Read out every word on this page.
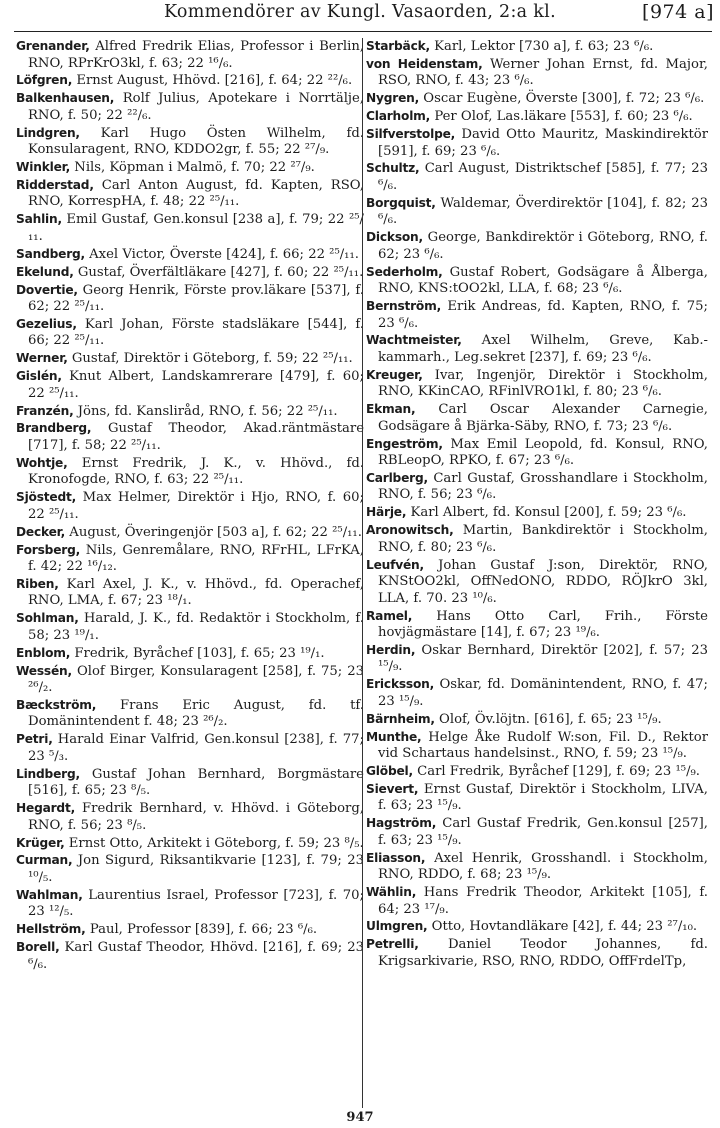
Kommendörer av Kungl. Vasaorden, 2:a kl.	[974 a]
Grenander, Alfred Fredrik Elias, Professor i Berlin, RNO, RPrKrO3kl, f. 63; 22 ¹⁶/₆.
Löfgren, Ernst August, Hhövd. [216], f. 64; 22 ²²/₆.
Balkenhausen, Rolf Julius, Apotekare i Norrtälje, RNO, f. 50; 22 ²²/₆.
Lindgren, Karl Hugo Östen Wilhelm, fd. Konsularagent, RNO, KDDO2gr, f. 55; 22 ²⁷/₉.
Winkler, Nils, Köpman i Malmö, f. 70; 22 ²⁷/₉.
Ridderstad, Carl Anton August, fd. Kapten, RSO, RNO, KorrespHA, f. 48; 22 ²⁵/₁₁.
Sahlin, Emil Gustaf, Gen.konsul [238 a], f. 79; 22 ²⁵/₁₁.
Sandberg, Axel Victor, Överste [424], f. 66; 22 ²⁵/₁₁.
Ekelund, Gustaf, Överfältläkare [427], f. 60; 22 ²⁵/₁₁.
Dovertie, Georg Henrik, Förste prov.läkare [537], f. 62; 22 ²⁵/₁₁.
Gezelius, Karl Johan, Förste stadsläkare [544], f. 66; 22 ²⁵/₁₁.
Werner, Gustaf, Direktör i Göteborg, f. 59; 22 ²⁵/₁₁.
Gislén, Knut Albert, Landskamrerare [479], f. 60; 22 ²⁵/₁₁.
Franzén, Jöns, fd. Kanslіråd, RNO, f. 56; 22 ²⁵/₁₁.
Brandberg, Gustaf Theodor, Akad.räntmästare [717], f. 58; 22 ²⁵/₁₁.
Wohtje, Ernst Fredrik, J. K., v. Hhövd., fd. Kronofogde, RNO, f. 63; 22 ²⁵/₁₁.
Sjöstedt, Max Helmer, Direktör i Hjo, RNO, f. 60; 22 ²⁵/₁₁.
Decker, August, Överingenjör [503 a], f. 62; 22 ²⁵/₁₁.
Forsberg, Nils, Genremålare, RNO, RFrHL, LFrKA, f. 42; 22 ¹⁶/₁₂.
Riben, Karl Axel, J. K., v. Hhövd., fd. Operachef, RNO, LMA, f. 67; 23 ¹⁸/₁.
Sohlman, Harald, J. K., fd. Redaktör i Stockholm, f. 58; 23 ¹⁹/₁.
Enblom, Fredrik, Byråchef [103], f. 65; 23 ¹⁹/₁.
Wessén, Olof Birger, Konsularagent [258], f. 75; 23 ²⁶/₂.
Bæckström, Frans Eric August, fd. tf. Domänintendent f. 48; 23 ²⁶/₂.
Petri, Harald Einar Valfrid, Gen.konsul [238], f. 77; 23 ⁵/₃.
Lindberg, Gustaf Johan Bernhard, Borgmästare [516], f. 65; 23 ⁸/₅.
Hegardt, Fredrik Bernhard, v. Hhövd. i Göteborg, RNO, f. 56; 23 ⁸/₅.
Krüger, Ernst Otto, Arkitekt i Göteborg, f. 59; 23 ⁸/₅.
Curman, Jon Sigurd, Riksantikvarie [123], f. 79; 23 ¹⁰/₅.
Wahlman, Laurentius Israel, Professor [723], f. 70; 23 ¹²/₅.
Hellström, Paul, Professor [839], f. 66; 23 ⁶/₆.
Borell, Karl Gustaf Theodor, Hhövd. [216], f. 69; 23 ⁶/₆.
Starbäck, Karl, Lektor [730 a], f. 63; 23 ⁶/₆.
von Heidenstam, Werner Johan Ernst, fd. Major, RSO, RNO, f. 43; 23 ⁶/₆.
Nygren, Oscar Eugène, Överste [300], f. 72; 23 ⁶/₆.
Clarholm, Per Olof, Las.läkare [553], f. 60; 23 ⁶/₆.
Silfverstolpe, David Otto Mauritz, Maskindirektör [591], f. 69; 23 ⁶/₆.
Schultz, Carl August, Distriktschef [585], f. 77; 23 ⁶/₆.
Borgquist, Waldemar, Överdirektör [104], f. 82; 23 ⁶/₆.
Dickson, George, Bankdirektör i Göteborg, RNO, f. 62; 23 ⁶/₆.
Sederholm, Gustaf Robert, Godsägare å Ålberga, RNO, KNS:tOO2kl, LLA, f. 68; 23 ⁶/₆.
Bernström, Erik Andreas, fd. Kapten, RNO, f. 75; 23 ⁶/₆.
Wachtmeister, Axel Wilhelm, Greve, Kab.-kammarh., Leg.sekret [237], f. 69; 23 ⁶/₆.
Kreuger, Ivar, Ingenjör, Direktör i Stockholm, RNO, KKinCAO, RFinlVRO1kl, f. 80; 23 ⁶/₆.
Ekman, Carl Oscar Alexander Carnegie, Godsägare å Bjärka-Säby, RNO, f. 73; 23 ⁶/₆.
Engeström, Max Emil Leopold, fd. Konsul, RNO, RBLeopO, RPKO, f. 67; 23 ⁶/₆.
Carlberg, Carl Gustaf, Grosshandlare i Stockholm, RNO, f. 56; 23 ⁶/₆.
Härje, Karl Albert, fd. Konsul [200], f. 59; 23 ⁶/₆.
Aronowitsch, Martin, Bankdirektör i Stockholm, RNO, f. 80; 23 ⁶/₆.
Leufvén, Johan Gustaf J:son, Direktör, RNO, KNStOO2kl, OffNedONO, RDDO, RÖJkrO 3kl, LLA, f. 70. 23 ¹⁰/₆.
Ramel, Hans Otto Carl, Frih., Förste hovjägmästare [14], f. 67; 23 ¹⁹/₆.
Herdin, Oskar Bernhard, Direktör [202], f. 57; 23 ¹⁵/₉.
Ericksson, Oskar, fd. Domänintendent, RNO, f. 47; 23 ¹⁵/₉.
Bärnheim, Olof, Öv.löjtn. [616], f. 65; 23 ¹⁵/₉.
Munthe, Helge Åke Rudolf W:son, Fil. D., Rektor vid Schartaus handelsinst., RNO, f. 59; 23 ¹⁵/₉.
Glöbel, Carl Fredrik, Byråchef [129], f. 69; 23 ¹⁵/₉.
Sievert, Ernst Gustaf, Direktör i Stockholm, LIVA, f. 63; 23 ¹⁵/₉.
Hagström, Carl Gustaf Fredrik, Gen.konsul [257], f. 63; 23 ¹⁵/₉.
Eliasson, Axel Henrik, Grosshandl. i Stockholm, RNO, RDDO, f. 68; 23 ¹⁵/₉.
Wählin, Hans Fredrik Theodor, Arkitekt [105], f. 64; 23 ¹⁷/₉.
Ulmgren, Otto, Hovtandläkare [42], f. 44; 23 ²⁷/₁₀.
Petrelli, Daniel Teodor Johannes, fd. Krigsarkivarie, RSO, RNO, RDDO, OffFrdelTp,
947
